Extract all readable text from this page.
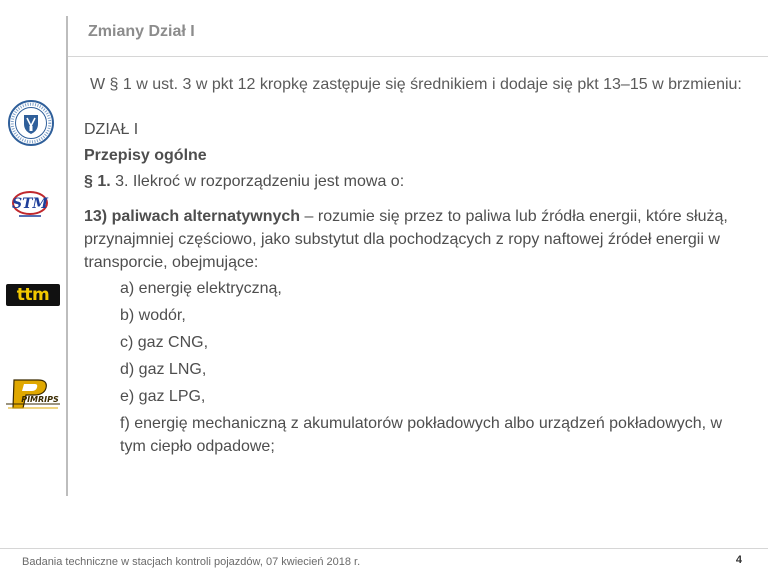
Zmiany Dział I
W § 1 w ust. 3 w pkt 12 kropkę zastępuje się średnikiem i dodaje się pkt 13–15 w brzmieniu:
STM
ttm
PIMRIPS

DZIAŁ I

Przepisy ogólne

§ 1. 3. Ilekroć w rozporządzeniu jest mowa o:

13) paliwach alternatywnych – rozumie się przez to paliwa lub źródła energii, które służą, przynajmniej częściowo, jako substytut dla pochodzących z ropy naftowej źródeł energii w transporcie, obejmujące:

a) energię elektryczną,
b) wodór,
c) gaz CNG,
d) gaz LNG,
e) gaz LPG,
f) energię mechaniczną z akumulatorów pokładowych albo urządzeń pokładowych, w tym ciepło odpadowe;
Badania techniczne w stacjach kontroli pojazdów, 07 kwiecień 2018 r.	4
